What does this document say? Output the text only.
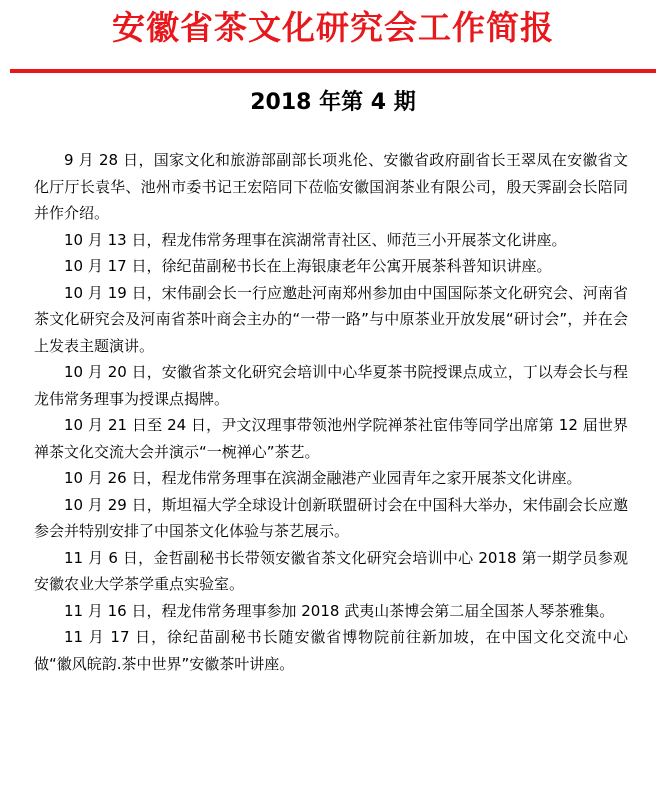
安徽省茶文化研究会工作简报
2018 年第 4 期

9 月 28 日，国家文化和旅游部副部长项兆伦、安徽省政府副省长王翠凤在安徽省文化厅厅长袁华、池州市委书记王宏陪同下莅临安徽国润茶业有限公司，殷天霁副会长陪同并作介绍。

10 月 13 日，程龙伟常务理事在滨湖常青社区、师范三小开展茶文化讲座。

10 月 17 日，徐纪苗副秘书长在上海银康老年公寓开展茶科普知识讲座。

10 月 19 日，宋伟副会长一行应邀赴河南郑州参加由中国国际茶文化研究会、河南省茶文化研究会及河南省茶叶商会主办的“一带一路”与中原茶业开放发展“研讨会”，并在会上发表主题演讲。

10 月 20 日，安徽省茶文化研究会培训中心华夏茶书院授课点成立，丁以寿会长与程龙伟常务理事为授课点揭牌。

10 月 21 日至 24 日，尹文汉理事带领池州学院禅茶社宦伟等同学出席第 12 届世界禅茶文化交流大会并演示“一椀禅心”茶艺。

10 月 26 日，程龙伟常务理事在滨湖金融港产业园青年之家开展茶文化讲座。

10 月 29 日，斯坦福大学全球设计创新联盟研讨会在中国科大举办，宋伟副会长应邀参会并特别安排了中国茶文化体验与茶艺展示。

11 月 6 日，金哲副秘书长带领安徽省茶文化研究会培训中心 2018 第一期学员参观安徽农业大学茶学重点实验室。

11 月 16 日，程龙伟常务理事参加 2018 武夷山茶博会第二届全国茶人琴茶雅集。

11 月 17 日，徐纪苗副秘书长随安徽省博物院前往新加坡，在中国文化交流中心做“徽风皖韵.茶中世界”安徽茶叶讲座。
